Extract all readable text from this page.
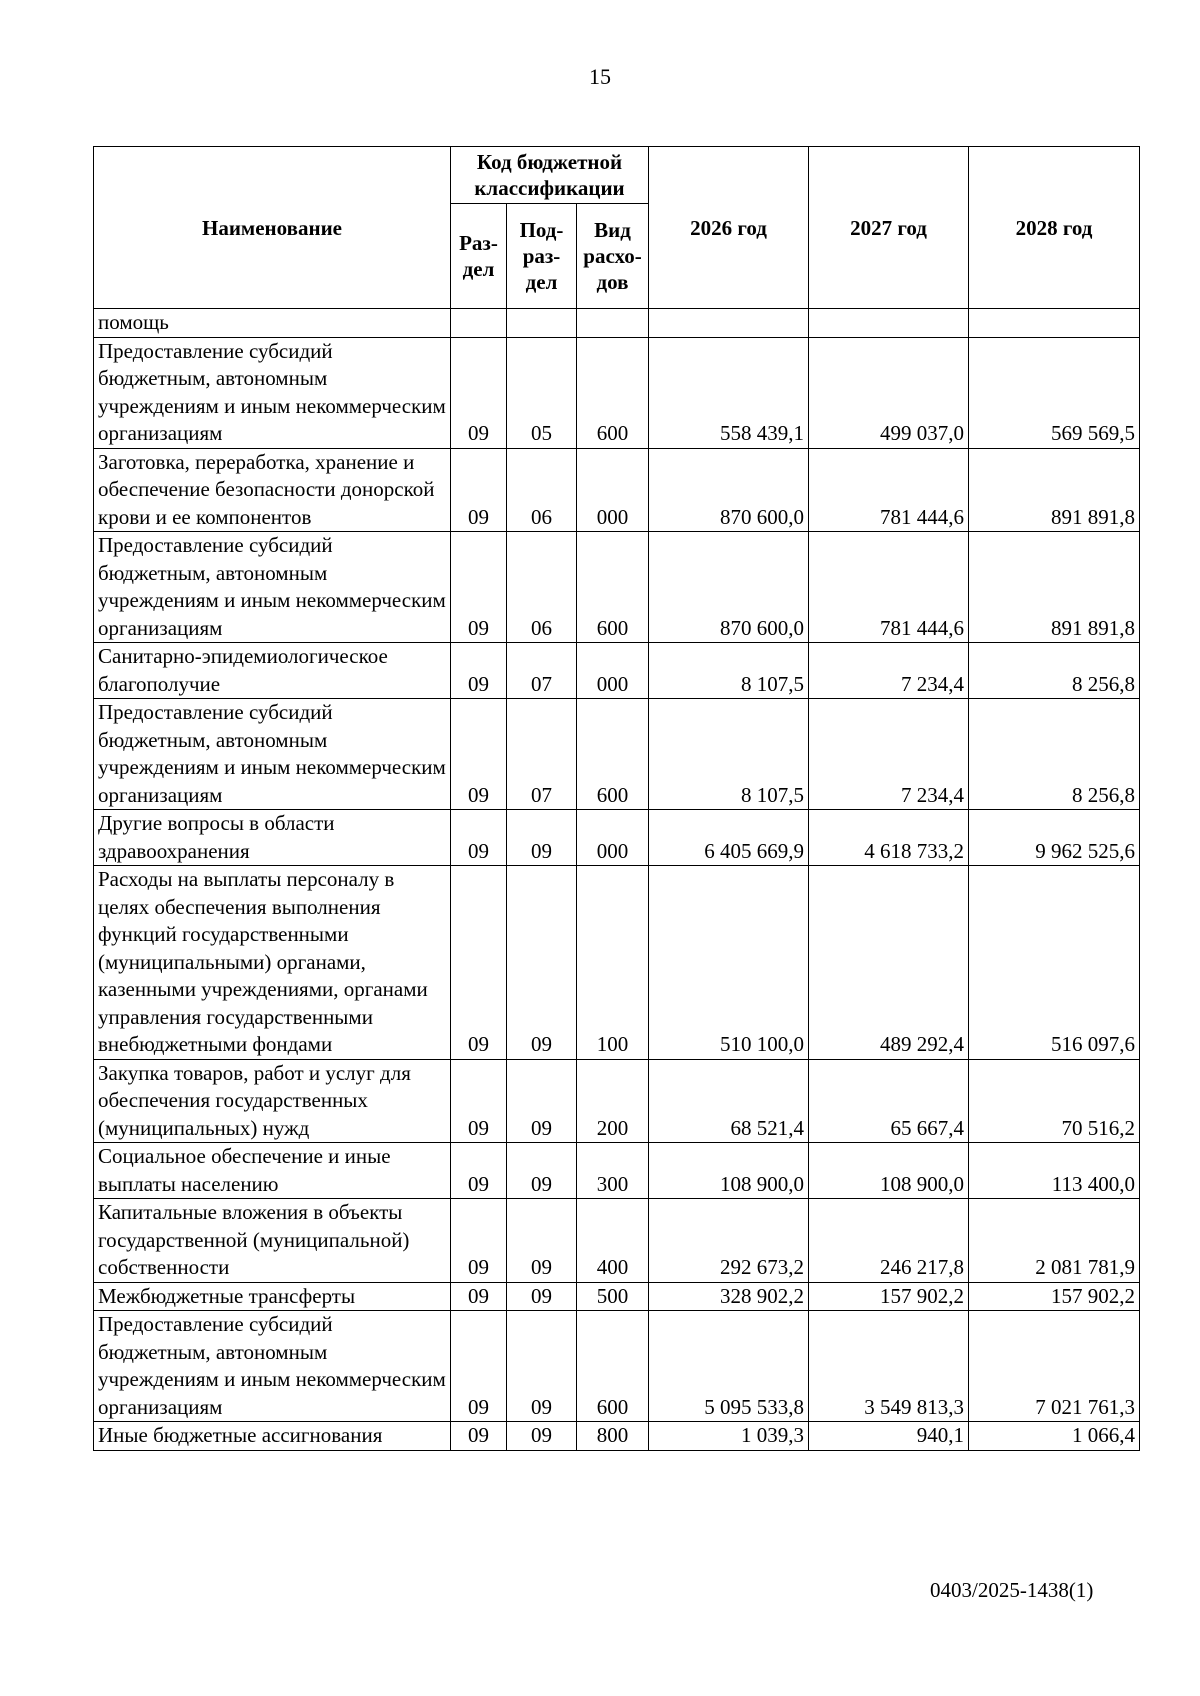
15
Наименование	Код бюджетной классификации			2026 год	2027 год	2028 год
	Раз-дел	Под-раз-дел	Вид расхо-дов			
помощь						
Предоставление субсидий бюджетным, автономным учреждениям и иным некоммерческим организациям	09	05	600	558 439,1	499 037,0	569 569,5
Заготовка, переработка, хранение и обеспечение безопасности донорской крови и ее компонентов	09	06	000	870 600,0	781 444,6	891 891,8
Предоставление субсидий бюджетным, автономным учреждениям и иным некоммерческим организациям	09	06	600	870 600,0	781 444,6	891 891,8
Санитарно-эпидемиологическое благополучие	09	07	000	8 107,5	7 234,4	8 256,8
Предоставление субсидий бюджетным, автономным учреждениям и иным некоммерческим организациям	09	07	600	8 107,5	7 234,4	8 256,8
Другие вопросы в области здравоохранения	09	09	000	6 405 669,9	4 618 733,2	9 962 525,6
Расходы на выплаты персоналу в целях обеспечения выполнения функций государственными (муниципальными) органами, казенными учреждениями, органами управления государственными внебюджетными фондами	09	09	100	510 100,0	489 292,4	516 097,6
Закупка товаров, работ и услуг для обеспечения государственных (муниципальных) нужд	09	09	200	68 521,4	65 667,4	70 516,2
Социальное обеспечение и иные выплаты населению	09	09	300	108 900,0	108 900,0	113 400,0
Капитальные вложения в объекты государственной (муниципальной) собственности	09	09	400	292 673,2	246 217,8	2 081 781,9
Межбюджетные трансферты	09	09	500	328 902,2	157 902,2	157 902,2
Предоставление субсидий бюджетным, автономным учреждениям и иным некоммерческим организациям	09	09	600	5 095 533,8	3 549 813,3	7 021 761,3
Иные бюджетные ассигнования	09	09	800	1 039,3	940,1	1 066,4
0403/2025-1438(1)
